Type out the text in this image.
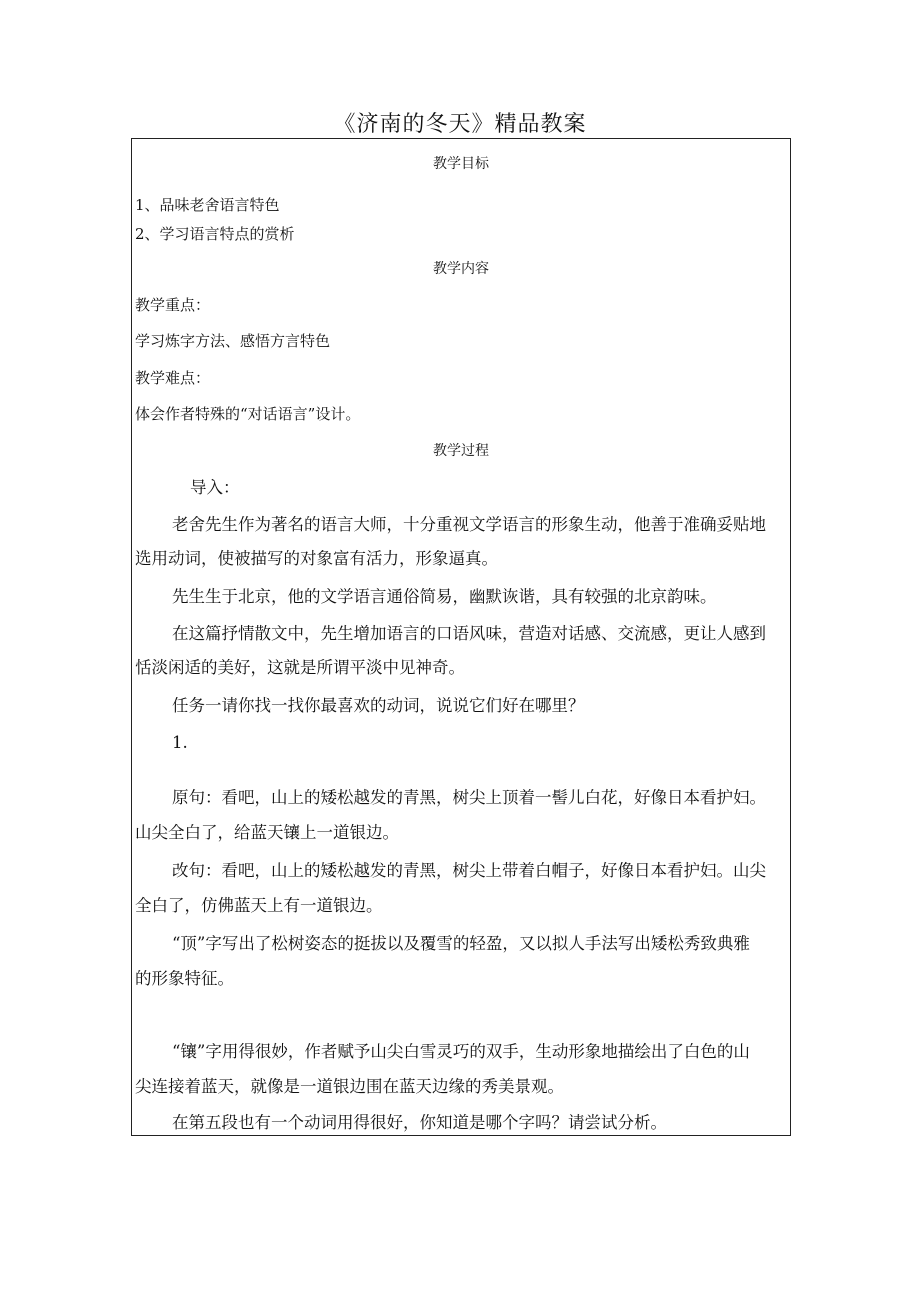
《济南的冬天》精品教案
教学目标
1、品味老舍语言特色
2、学习语言特点的赏析
教学内容
教学重点：
学习炼字方法、感悟方言特色
教学难点：
体会作者特殊的“对话语言”设计。
教学过程
导入：
老舍先生作为著名的语言大师，十分重视文学语言的形象生动，他善于准确妥贴地
选用动词，使被描写的对象富有活力，形象逼真。
先生生于北京，他的文学语言通俗简易，幽默诙谐，具有较强的北京韵味。
在这篇抒情散文中，先生增加语言的口语风味，营造对话感、交流感，更让人感到
恬淡闲适的美好，这就是所谓平淡中见神奇。
任务一请你找一找你最喜欢的动词，说说它们好在哪里？
1.
原句：看吧，山上的矮松越发的青黑，树尖上顶着一髻儿白花，好像日本看护妇。
山尖全白了，给蓝天镶上一道银边。
改句：看吧，山上的矮松越发的青黑，树尖上带着白帽子，好像日本看护妇。山尖
全白了，仿佛蓝天上有一道银边。
“顶”字写出了松树姿态的挺拔以及覆雪的轻盈，又以拟人手法写出矮松秀致典雅
的形象特征。
“镶”字用得很妙，作者赋予山尖白雪灵巧的双手，生动形象地描绘出了白色的山
尖连接着蓝天，就像是一道银边围在蓝天边缘的秀美景观。
在第五段也有一个动词用得很好，你知道是哪个字吗？请尝试分析。
